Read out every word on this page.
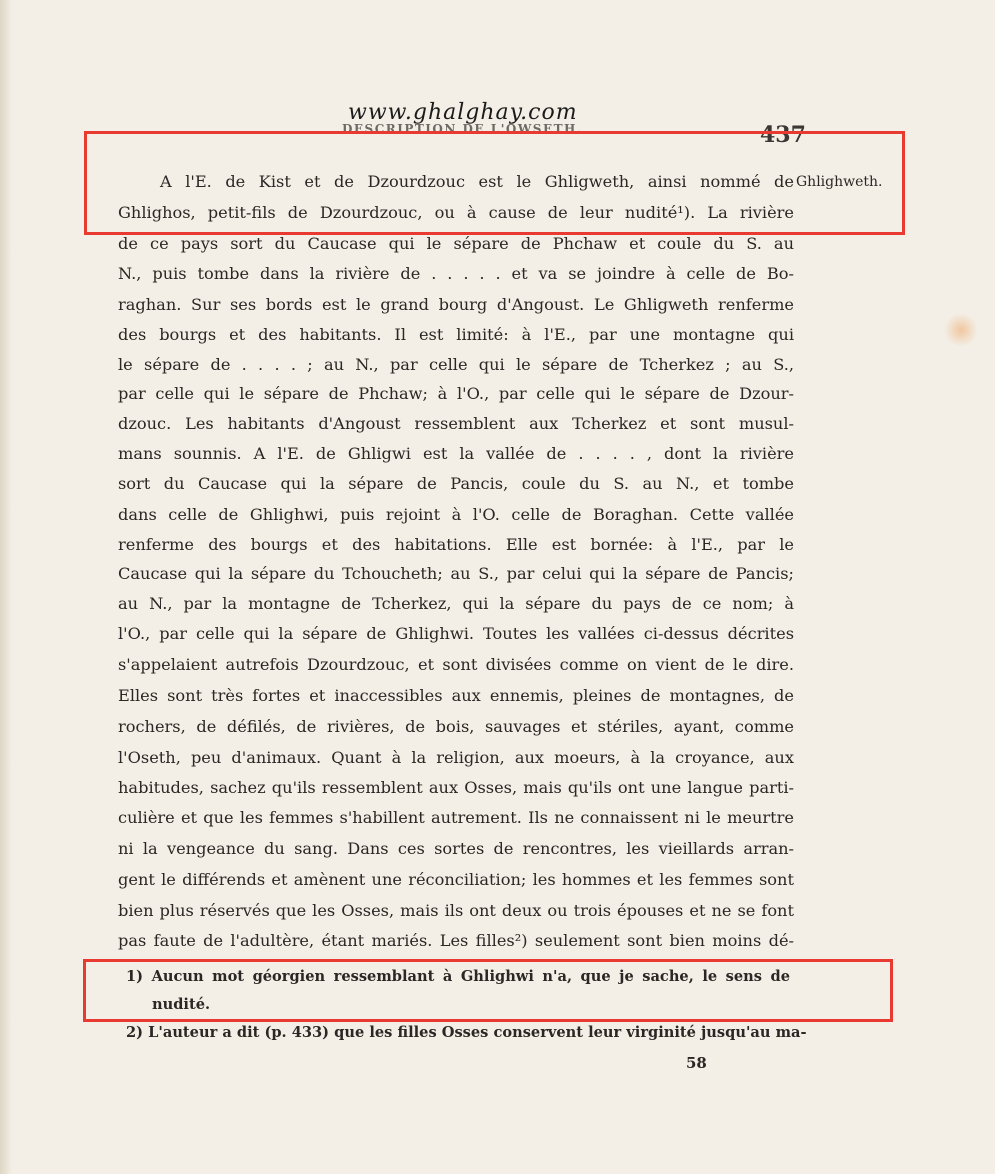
www.ghalghay.com
DESCRIPTION DE L'OWSETH.	437
Ghlighweth.
A l'E. de Kist et de Dzourdzouc est le Ghligweth, ainsi nommé de
Ghlighos, petit-fils de Dzourdzouc, ou à cause de leur nudité¹). La rivière
de ce pays sort du Caucase qui le sépare de Phchaw et coule du S. au
N., puis tombe dans la rivière de . . . . . et va se joindre à celle de Bo-
raghan. Sur ses bords est le grand bourg d'Angoust. Le Ghligweth renferme
des bourgs et des habitants. Il est limité: à l'E., par une montagne qui
le sépare de . . . . ; au N., par celle qui le sépare de Tcherkez ; au S.,
par celle qui le sépare de Phchaw; à l'O., par celle qui le sépare de Dzour-
dzouc. Les habitants d'Angoust ressemblent aux Tcherkez et sont musul-
mans sounnis. A l'E. de Ghligwi est la vallée de . . . . , dont la rivière
sort du Caucase qui la sépare de Pancis, coule du S. au N., et tombe
dans celle de Ghlighwi, puis rejoint à l'O. celle de Boraghan. Cette vallée
renferme des bourgs et des habitations. Elle est bornée: à l'E., par le
Caucase qui la sépare du Tchoucheth; au S., par celui qui la sépare de Pancis;
au N., par la montagne de Tcherkez, qui la sépare du pays de ce nom; à
l'O., par celle qui la sépare de Ghlighwi. Toutes les vallées ci-dessus décrites
s'appelaient autrefois Dzourdzouc, et sont divisées comme on vient de le dire.
Elles sont très fortes et inaccessibles aux ennemis, pleines de montagnes, de
rochers, de défilés, de rivières, de bois, sauvages et stériles, ayant, comme
l'Oseth, peu d'animaux. Quant à la religion, aux moeurs, à la croyance, aux
habitudes, sachez qu'ils ressemblent aux Osses, mais qu'ils ont une langue parti-
culière et que les femmes s'habillent autrement. Ils ne connaissent ni le meurtre
ni la vengeance du sang. Dans ces sortes de rencontres, les vieillards arran-
gent le différends et amènent une réconciliation; les hommes et les femmes sont
bien plus réservés que les Osses, mais ils ont deux ou trois épouses et ne se font
pas faute de l'adultère, étant mariés. Les filles²) seulement sont bien moins dé-
1) Aucun mot géorgien ressemblant à Ghlighwi n'a, que je sache, le sens de
nudité.
2) L'auteur a dit (p. 433) que les filles Osses conservent leur virginité jusqu'au ma-
58
